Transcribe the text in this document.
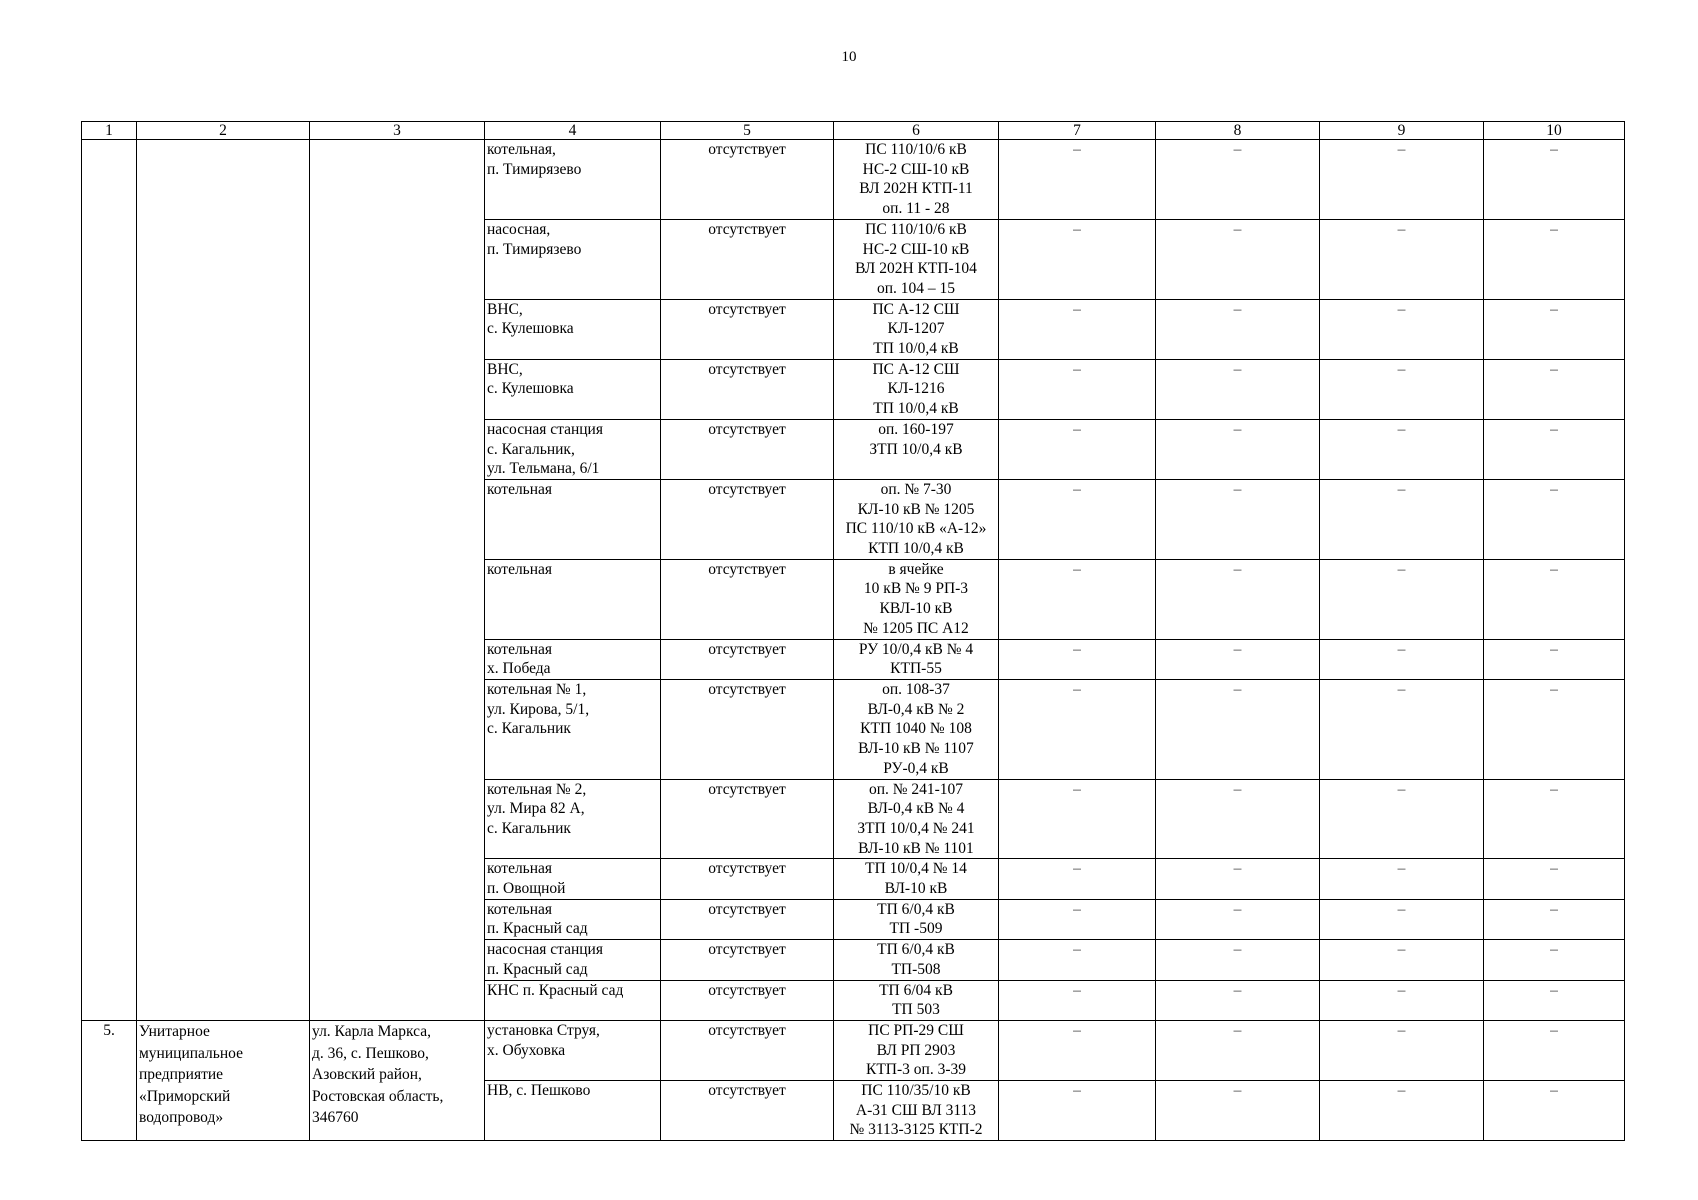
10
1	2	3	4	5	6	7	8	9	10

			котельная,
п. Тимирязево	отсутствует	ПС 110/10/6 кВ
НС-2 СШ-10 кВ
ВЛ 202Н КТП-11
оп. 11 - 28	–	–	–	–

			насосная,
п. Тимирязево	отсутствует	ПС 110/10/6 кВ
НС-2 СШ-10 кВ
ВЛ 202Н КТП-104
оп. 104 – 15	–	–	–	–

			ВНС,
с. Кулешовка	отсутствует	ПС А-12 СШ
КЛ-1207
ТП 10/0,4 кВ	–	–	–	–

			ВНС,
с. Кулешовка	отсутствует	ПС А-12 СШ
КЛ-1216
ТП 10/0,4 кВ	–	–	–	–

			насосная станция
с. Кагальник,
ул. Тельмана, 6/1	отсутствует	оп. 160-197
ЗТП 10/0,4 кВ	–	–	–	–

			котельная	отсутствует	оп. № 7-30
КЛ-10 кВ № 1205
ПС 110/10 кВ «А-12»
КТП 10/0,4 кВ	–	–	–	–

			котельная	отсутствует	в ячейке
10 кВ № 9 РП-3
КВЛ-10 кВ
№ 1205 ПС А12	–	–	–	–

			котельная
х. Победа	отсутствует	РУ 10/0,4 кВ № 4
КТП-55	–	–	–	–

			котельная № 1,
ул. Кирова, 5/1,
с. Кагальник	отсутствует	оп. 108-37
ВЛ-0,4 кВ № 2
КТП 1040 № 108
ВЛ-10 кВ № 1107
РУ-0,4 кВ	–	–	–	–

			котельная № 2,
ул. Мира 82 А,
с. Кагальник	отсутствует	оп. № 241-107
ВЛ-0,4 кВ № 4
ЗТП 10/0,4 № 241
ВЛ-10 кВ № 1101	–	–	–	–

			котельная
п. Овощной	отсутствует	ТП 10/0,4 № 14
ВЛ-10 кВ	–	–	–	–

			котельная
п. Красный сад	отсутствует	ТП 6/0,4 кВ
ТП -509	–	–	–	–

			насосная станция
п. Красный сад	отсутствует	ТП 6/0,4 кВ
ТП-508	–	–	–	–

			КНС п. Красный сад	отсутствует	ТП 6/04 кВ
ТП 503	–	–	–	–
5.	Унитарное
муниципальное
предприятие
«Приморский
водопровод»	ул. Карла Маркса,
д. 36, с. Пешково,
Азовский район,
Ростовская область,
346760	установка Струя,
х. Обуховка	отсутствует	ПС РП-29 СШ
ВЛ РП 2903
КТП-3 оп. 3-39	–	–	–	–

			НВ, с. Пешково	отсутствует	ПС 110/35/10 кВ
А-31 СШ ВЛ 3113
№ 3113-3125 КТП-2	–	–	–	–
